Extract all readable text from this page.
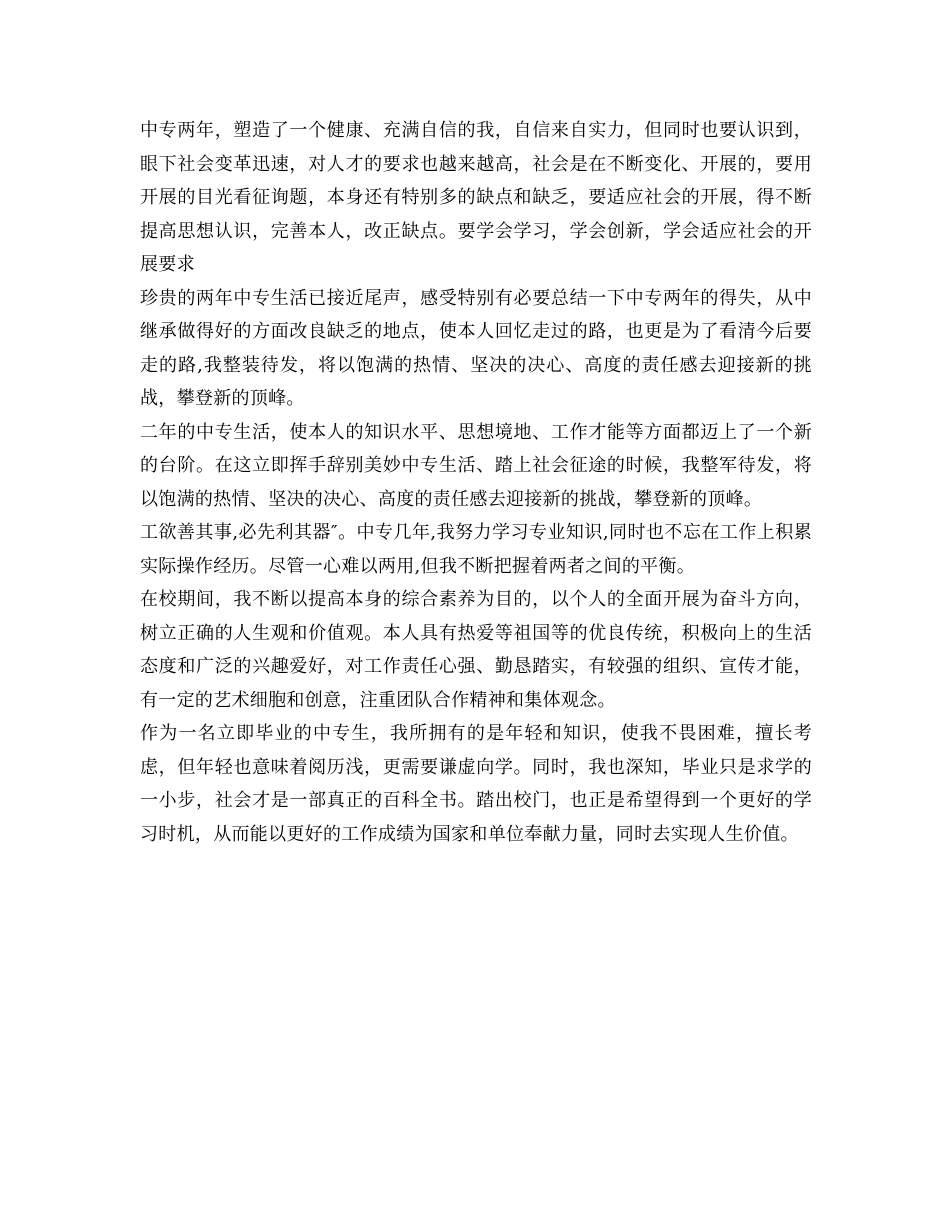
中专两年，塑造了一个健康、充满自信的我，自信来自实力，但同时也要认识到，眼下社会变革迅速，对人才的要求也越来越高，社会是在不断变化、开展的，要用开展的目光看征询题，本身还有特别多的缺点和缺乏，要适应社会的开展，得不断提高思想认识，完善本人，改正缺点。要学会学习，学会创新，学会适应社会的开展要求

珍贵的两年中专生活已接近尾声，感受特别有必要总结一下中专两年的得失，从中继承做得好的方面改良缺乏的地点，使本人回忆走过的路，也更是为了看清今后要走的路,我整装待发，将以饱满的热情、坚决的决心、高度的责任感去迎接新的挑战，攀登新的顶峰。

二年的中专生活，使本人的知识水平、思想境地、工作才能等方面都迈上了一个新的台阶。在这立即挥手辞别美妙中专生活、踏上社会征途的时候，我整军待发，将以饱满的热情、坚决的决心、高度的责任感去迎接新的挑战，攀登新的顶峰。

工欲善其事,必先利其器″。中专几年,我努力学习专业知识,同时也不忘在工作上积累实际操作经历。尽管一心难以两用,但我不断把握着两者之间的平衡。

在校期间，我不断以提高本身的综合素养为目的，以个人的全面开展为奋斗方向，树立正确的人生观和价值观。本人具有热爱等祖国等的优良传统，积极向上的生活态度和广泛的兴趣爱好，对工作责任心强、勤恳踏实，有较强的组织、宣传才能，有一定的艺术细胞和创意，注重团队合作精神和集体观念。

作为一名立即毕业的中专生，我所拥有的是年轻和知识，使我不畏困难，擅长考虑，但年轻也意味着阅历浅，更需要谦虚向学。同时，我也深知，毕业只是求学的一小步，社会才是一部真正的百科全书。踏出校门，也正是希望得到一个更好的学习时机，从而能以更好的工作成绩为国家和单位奉献力量，同时去实现人生价值。
